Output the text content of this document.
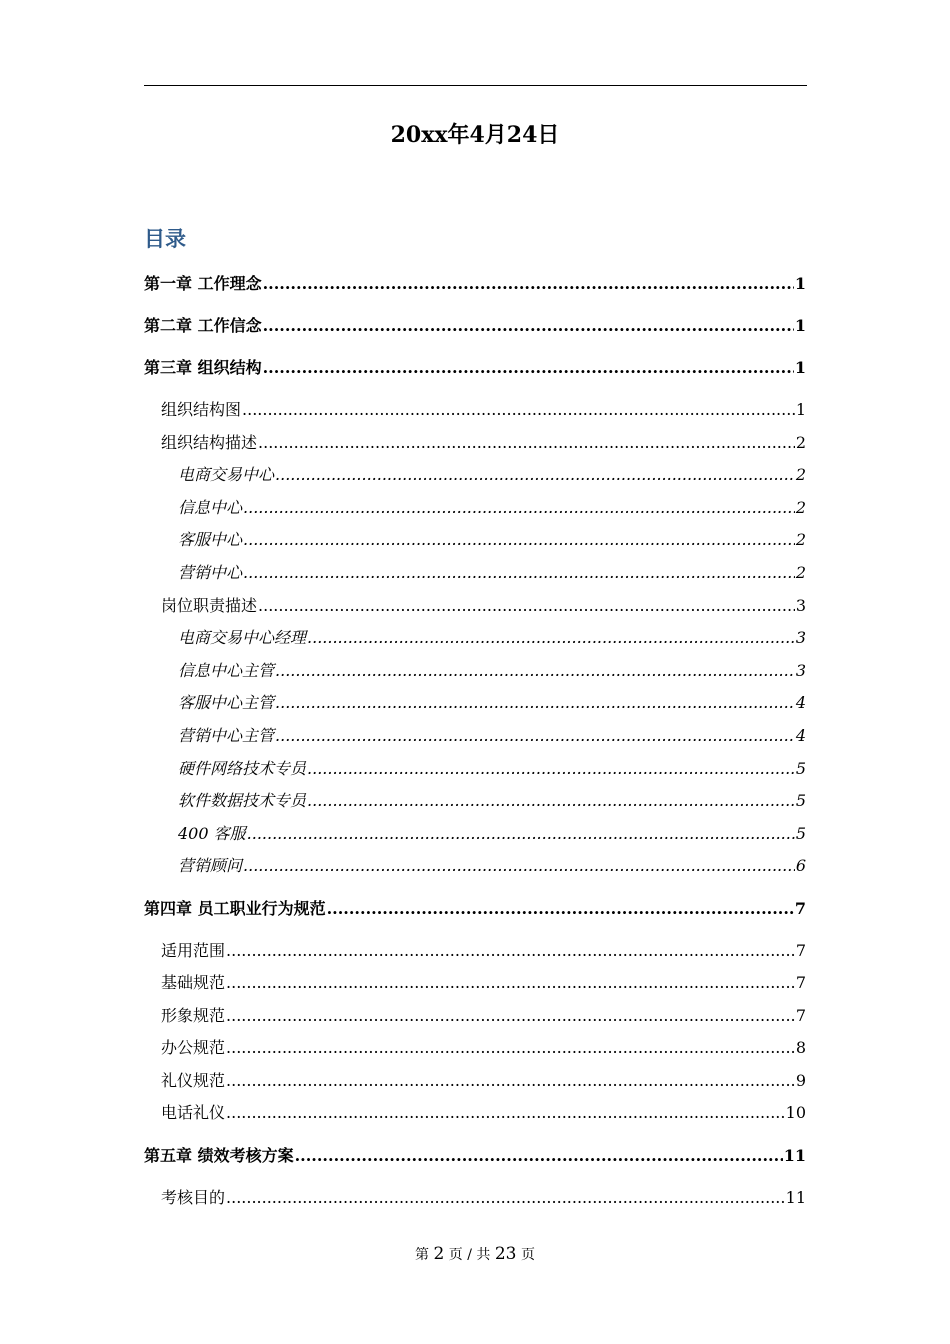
20xx年4月24日
目录
第一章 工作理念 .....	1
第二章 工作信念 .....	1
第三章 组织结构 .....	1
组织结构图 .....	1
组织结构描述 .....	2
电商交易中心 .....	2
信息中心 .....	2
客服中心 .....	2
营销中心 .....	2
岗位职责描述 .....	3
电商交易中心经理 .....	3
信息中心主管 .....	3
客服中心主管 .....	4
营销中心主管 .....	4
硬件网络技术专员 .....	5
软件数据技术专员 .....	5
400 客服 .....	5
营销顾问 .....	6
第四章 员工职业行为规范 .....	7
适用范围 .....	7
基础规范 .....	7
形象规范 .....	7
办公规范 .....	8
礼仪规范 .....	9
电话礼仪 .....	10
第五章 绩效考核方案 .....	11
考核目的 .....	11
第 2 页 / 共 23 页
